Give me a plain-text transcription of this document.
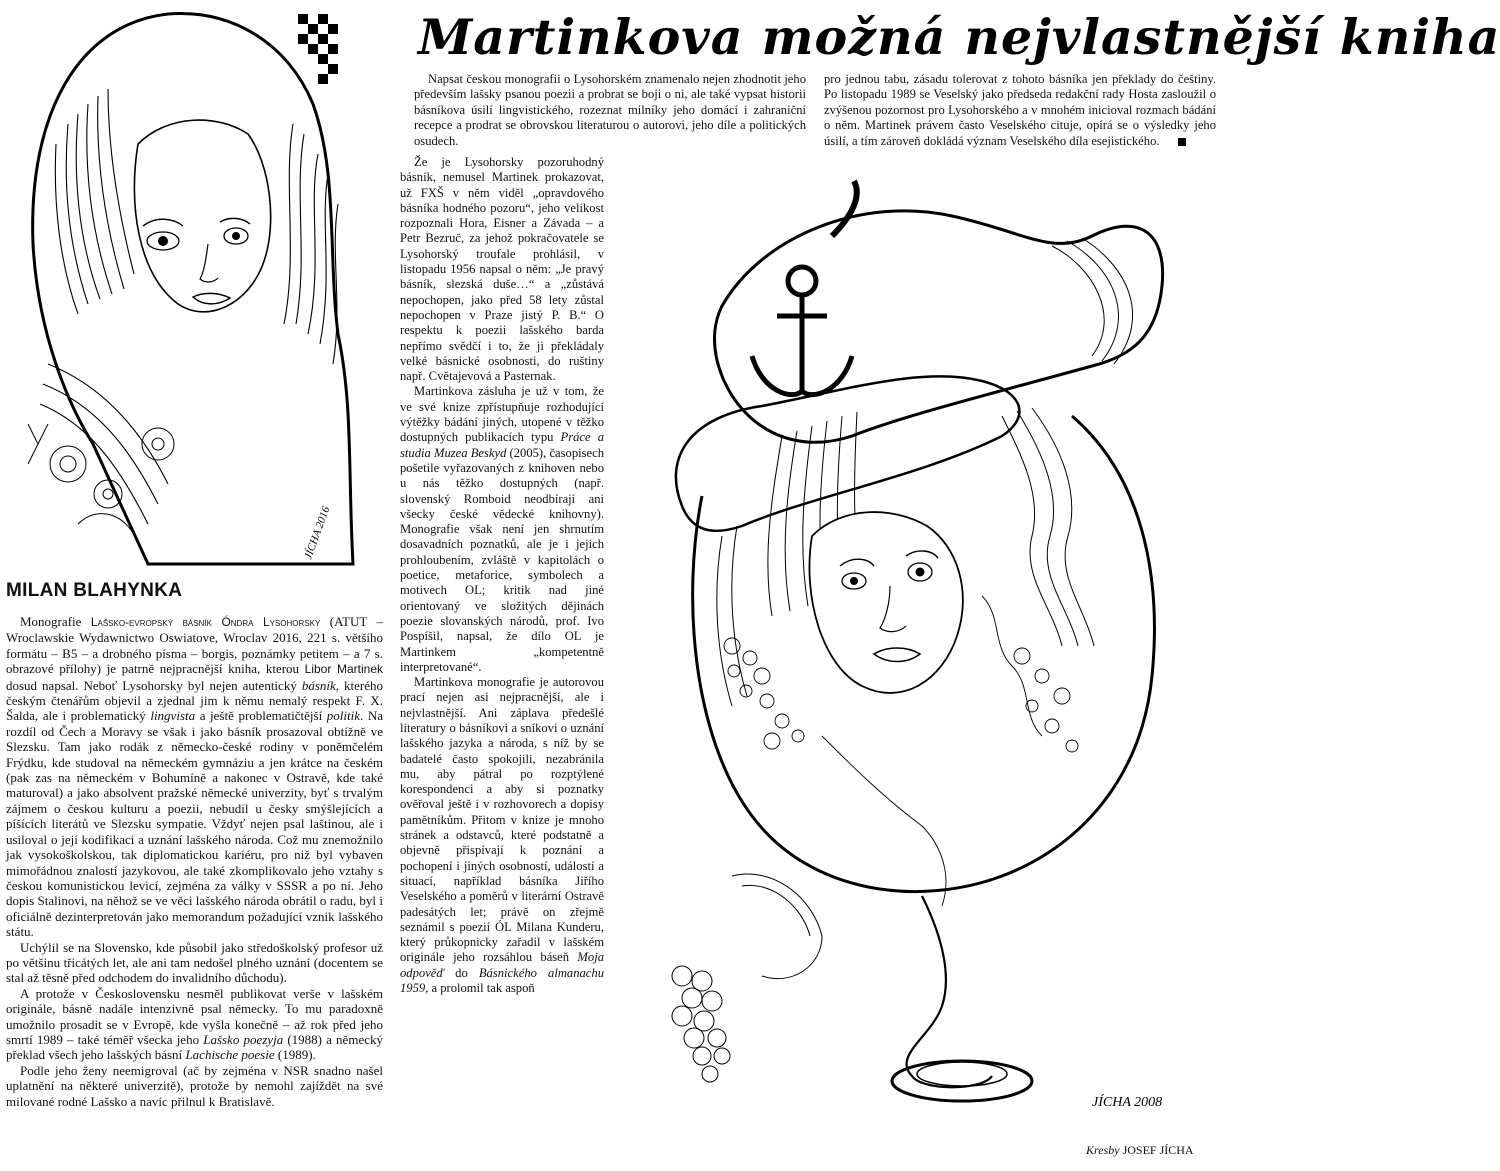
Martinkova možná nejvlastnější kniha
JÍCHA 2016
JÍCHA 2008
MILAN BLAHYNKA

Monografie Lašsko-evropský básník Óndra Lysohorsky (ATUT – Wroclawskie Wydawnictwo Oswiatove, Wroclav 2016, 221 s. většího formátu – B5 – a drobného písma – borgis, poznámky petitem – a 7 s. obrazové přílohy) je patrně nejpracnější kniha, kterou Libor Martinek dosud napsal. Neboť Lysohorsky byl nejen autentický básník, kterého českým čtenářům objevil a zjednal jim k němu nemalý respekt F. X. Šalda, ale i problematický lingvista a ještě problematičtější politik. Na rozdíl od Čech a Moravy se však i jako básník prosazoval obtížně ve Slezsku. Tam jako rodák z německo-české rodiny v poněmčelém Frýdku, kde studoval na německém gymnáziu a jen krátce na českém (pak zas na německém v Bohumíně a nakonec v Ostravě, kde také maturoval) a jako absolvent pražské německé univerzity, byť s trvalým zájmem o českou kulturu a poezii, nebudil u česky smýšlejících a píšících literátů ve Slezsku sympatie. Vždyť nejen psal laštinou, ale i usiloval o její kodifikaci a uznání lašského národa. Což mu znemožnilo jak vysokoškolskou, tak diplomatickou kariéru, pro niž byl vybaven mimořádnou znalostí jazykovou, ale také zkomplikovalo jeho vztahy s českou komunistickou levicí, zejména za války v SSSR a po ní. Jeho dopis Stalinovi, na něhož se ve věci lašského národa obrátil o radu, byl i oficiálně dezinterpretován jako memorandum požadující vznik lašského státu.

Uchýlil se na Slovensko, kde působil jako středoškolský profesor už po většinu třicátých let, ale ani tam nedošel plného uznání (docentem se stal až těsně před odchodem do invalidního důchodu).

A protože v Československu nesměl publikovat verše v lašském originále, básně nadále intenzivně psal německy. To mu paradoxně umožnilo prosadit se v Evropě, kde vyšla konečně – až rok před jeho smrtí 1989 – také téměř všecka jeho Lašsko poezyja (1988) a německý překlad všech jeho lašských básní Lachische poesie (1989).

Podle jeho ženy neemigroval (ač by zejména v NSR snadno našel uplatnění na některé univerzitě), protože by nemohl zajíždět na své milované rodné Lašsko a navíc přilnul k Bratislavě.

Napsat českou monografii o Lysohorském znamenalo nejen zhodnotit jeho především lašsky psanou poezii a probrat se boji o ni, ale také vypsat historii básníkova úsilí lingvistického, rozeznat milníky jeho domácí i zahraniční recepce a prodrat se obrovskou literaturou o autorovi, jeho díle a politických osudech.

Že je Lysohorsky pozoruhodný básník, nemusel Martinek prokazovat, už FXŠ v něm viděl „opravdového básníka hodného pozoru“, jeho velikost rozpoznali Hora, Eisner a Závada – a Petr Bezruč, za jehož pokračovatele se Lysohorský troufale prohlásil, v listopadu 1956 napsal o něm: „Je pravý básník, slezská duše…“ a „zůstává nepochopen, jako před 58 lety zůstal nepochopen v Praze jistý P. B.“ O respektu k poezii lašského barda nepřímo svědčí i to, že ji překládaly velké básnické osobnosti, do ruštiny např. Cvětajevová a Pasternak.

Martinkova zásluha je už v tom, že ve své knize zpřístupňuje rozhodující výtěžky bádání jiných, utopené v těžko dostupných publikacích typu Práce a studia Muzea Beskyd (2005), časopisech pošetile vyřazovaných z knihoven nebo u nás těžko dostupných (např. slovenský Romboid neodbírají ani všecky české vědecké knihovny). Monografie však není jen shrnutím dosavadních poznatků, ale je i jejich prohloubením, zvláště v kapitolách o poetice, metaforice, symbolech a motivech OL; kritik nad jiné orientovaný ve složitých dějinách poezie slovanských národů, prof. Ivo Pospíšil, napsal, že dílo OL je Martinkem „kompetentně interpretované“.

Martinkova monografie je autorovou prací nejen asi nejpracnější, ale i nejvlastnější. Ani záplava předešlé literatury o básníkovi a sníkovi o uznání lašského jazyka a národa, s níž by se badatelé často spokojili, nezabránila mu, aby pátral po rozptýlené korespondenci a aby si poznatky ověřoval ještě i v rozhovorech a dopisy pamětníkům. Přitom v knize je mnoho stránek a odstavců, které podstatně a objevně přispívají k poznání a pochopení i jiných osobností, událostí a situací, například básníka Jiřího Veselského a poměrů v literární Ostravě padesátých let; právě on zřejmě seznámil s poezií ÓL Milana Kunderu, který průkopnicky zařadil v lašském originále jeho rozsáhlou báseň Moja odpověď do Básnického almanachu 1959, a prolomil tak aspoň

pro jednou tabu, zásadu tolerovat z tohoto básníka jen překlady do češtiny. Po listopadu 1989 se Veselský jako předseda redakční rady Hosta zasloužil o zvýšenou pozornost pro Lysohorského a v mnohém inicioval rozmach bádání o něm. Martinek právem často Veselského cituje, opírá se o výsledky jeho úsilí, a tím zároveň dokládá význam Veselského díla esejistického.

Kresby JOSEF JÍCHA
